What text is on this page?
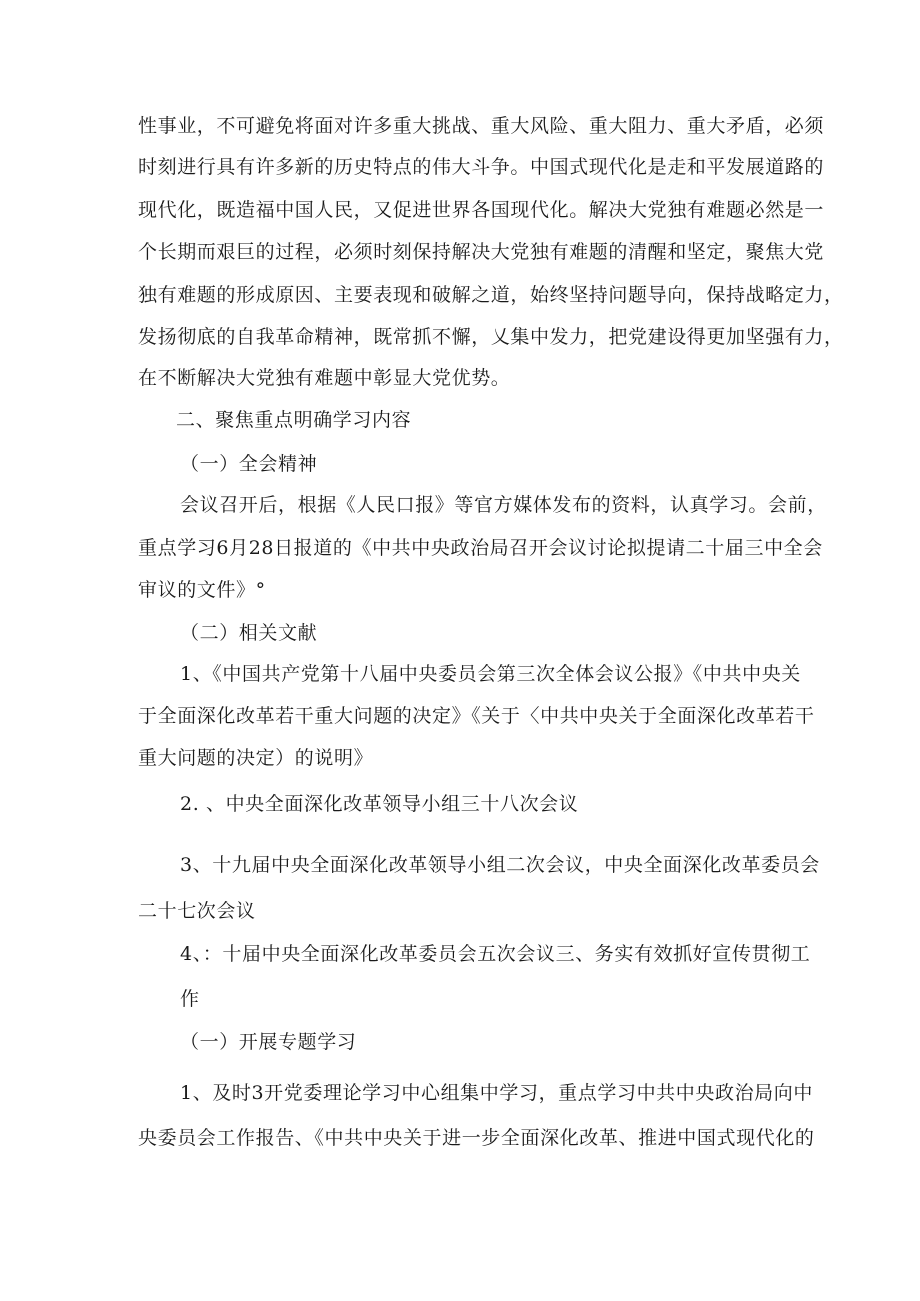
性事业，不可避免将面对许多重大挑战、重大风险、重大阻力、重大矛盾，必须
时刻进行具有许多新的历史特点的伟大斗争。中国式现代化是走和平发展道路的
现代化，既造福中国人民，又促进世界各国现代化。解决大党独有难题必然是一
个长期而艰巨的过程，必须时刻保持解决大党独有难题的清醒和坚定，聚焦大党
独有难题的形成原因、主要表现和破解之道，始终坚持问题导向，保持战略定力，
发扬彻底的自我革命精神，既常抓不懈，乂集中发力，把党建设得更加坚强有力，
在不断解决大党独有难题中彰显大党优势。
二、聚焦重点明确学习内容
（一）全会精神
会议召开后，根据《人民口报》等官方媒体发布的资料，认真学习。会前，
重点学习6月28日报道的《中共中央政治局召开会议讨论拟提请二十届三中全会
审议的文件》°
（二）相关文献
1、《中国共产党第十八届中央委员会第三次全体会议公报》《中共中央关
于全面深化改革若干重大问题的决定》《关于〈中共中央关于全面深化改革若干
重大问题的决定）的说明》
2. 、中央全面深化改革领导小组三十八次会议
3、十九届中央全面深化改革领导小组二次会议，中央全面深化改革委员会
二十七次会议
4、：十届中央全面深化改革委员会五次会议三、务实有效抓好宣传贯彻工
作
（一）开展专题学习
1、及时3开党委理论学习中心组集中学习，重点学习中共中央政治局向中
央委员会工作报告、《中共中央关于进一步全面深化改革、推进中国式现代化的
